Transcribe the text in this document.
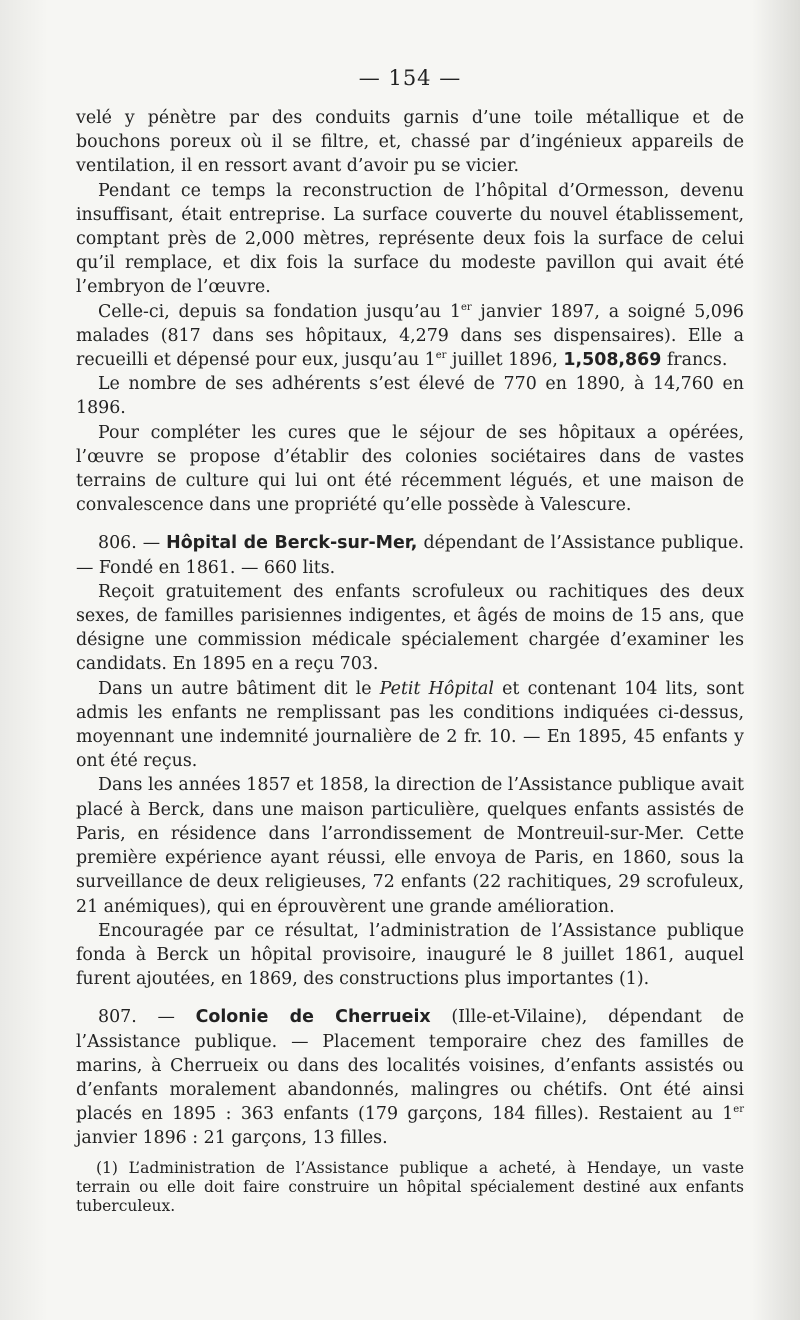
— 154 —

velé y pénètre par des conduits garnis d’une toile métallique et de bouchons poreux où il se filtre, et, chassé par d’ingénieux appareils de ventilation, il en ressort avant d’avoir pu se vicier.

Pendant ce temps la reconstruction de l’hôpital d’Ormesson, devenu insuffisant, était entreprise. La surface couverte du nouvel établissement, comptant près de 2,000 mètres, représente deux fois la surface de celui qu’il remplace, et dix fois la surface du modeste pavillon qui avait été l’embryon de l’œuvre.

Celle-ci, depuis sa fondation jusqu’au 1er janvier 1897, a soigné 5,096 malades (817 dans ses hôpitaux, 4,279 dans ses dispensaires). Elle a recueilli et dépensé pour eux, jusqu’au 1er juillet 1896, 1,508,869 francs.

Le nombre de ses adhérents s’est élevé de 770 en 1890, à 14,760 en 1896.

Pour compléter les cures que le séjour de ses hôpitaux a opérées, l’œuvre se propose d’établir des colonies sociétaires dans de vastes terrains de culture qui lui ont été récemment légués, et une maison de convalescence dans une propriété qu’elle possède à Valescure.

806. — Hôpital de Berck-sur-Mer, dépendant de l’Assistance publique. — Fondé en 1861. — 660 lits.

Reçoit gratuitement des enfants scrofuleux ou rachitiques des deux sexes, de familles parisiennes indigentes, et âgés de moins de 15 ans, que désigne une commission médicale spécialement chargée d’examiner les candidats. En 1895 en a reçu 703.

Dans un autre bâtiment dit le Petit Hôpital et contenant 104 lits, sont admis les enfants ne remplissant pas les conditions indiquées ci-dessus, moyennant une indemnité journalière de 2 fr. 10. — En 1895, 45 enfants y ont été reçus.

Dans les années 1857 et 1858, la direction de l’Assistance publique avait placé à Berck, dans une maison particulière, quelques enfants assistés de Paris, en résidence dans l’arrondissement de Montreuil-sur-Mer. Cette première expérience ayant réussi, elle envoya de Paris, en 1860, sous la surveillance de deux religieuses, 72 enfants (22 rachitiques, 29 scrofuleux, 21 anémiques), qui en éprouvèrent une grande amélioration.

Encouragée par ce résultat, l’administration de l’Assistance publique fonda à Berck un hôpital provisoire, inauguré le 8 juillet 1861, auquel furent ajoutées, en 1869, des constructions plus importantes (1).

807. — Colonie de Cherrueix (Ille-et-Vilaine), dépendant de l’Assistance publique. — Placement temporaire chez des familles de marins, à Cherrueix ou dans des localités voisines, d’enfants assistés ou d’enfants moralement abandonnés, malingres ou chétifs. Ont été ainsi placés en 1895 : 363 enfants (179 garçons, 184 filles). Restaient au 1er janvier 1896 : 21 garçons, 13 filles.

(1) L’administration de l’Assistance publique a acheté, à Hendaye, un vaste terrain ou elle doit faire construire un hôpital spécialement destiné aux enfants tuberculeux.
